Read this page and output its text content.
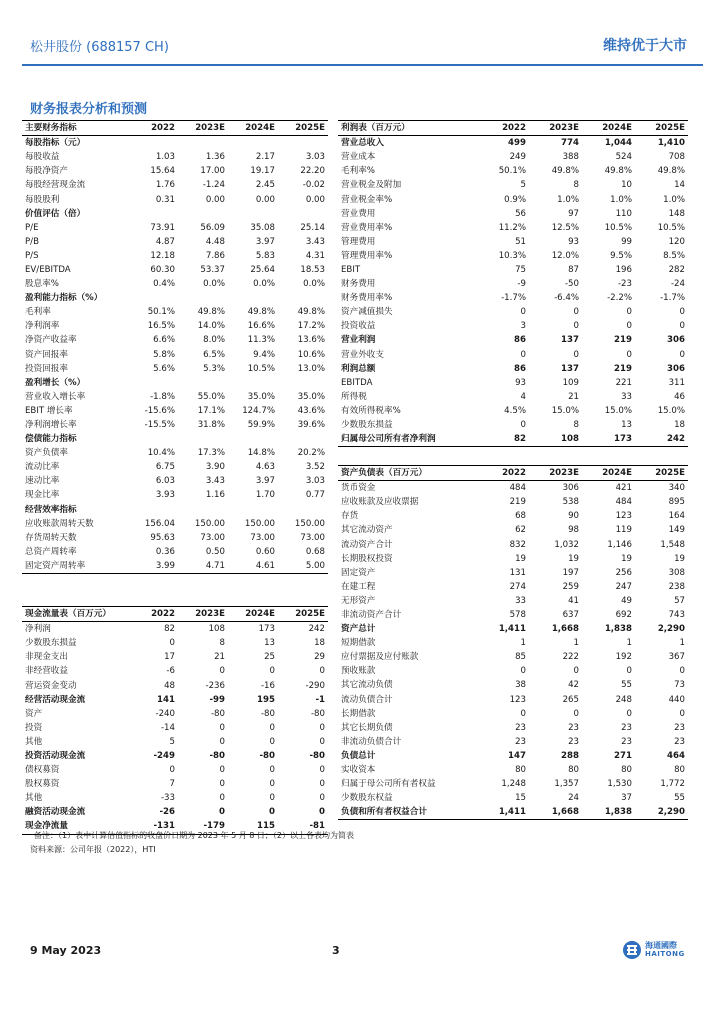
松井股份 (688157 CH)	维持优于大市
财务报表分析和预测
主要财务指标	2022	2023E	2024E	2025E
每股指标（元）				
每股收益	1.03	1.36	2.17	3.03
每股净资产	15.64	17.00	19.17	22.20
每股经营现金流	1.76	-1.24	2.45	-0.02
每股股利	0.31	0.00	0.00	0.00
价值评估（倍）				
P/E	73.91	56.09	35.08	25.14
P/B	4.87	4.48	3.97	3.43
P/S	12.18	7.86	5.83	4.31
EV/EBITDA	60.30	53.37	25.64	18.53
股息率%	0.4%	0.0%	0.0%	0.0%
盈利能力指标（%）				
毛利率	50.1%	49.8%	49.8%	49.8%
净利润率	16.5%	14.0%	16.6%	17.2%
净资产收益率	6.6%	8.0%	11.3%	13.6%
资产回报率	5.8%	6.5%	9.4%	10.6%
投资回报率	5.6%	5.3%	10.5%	13.0%
盈利增长（%）				
营业收入增长率	-1.8%	55.0%	35.0%	35.0%
EBIT 增长率	-15.6%	17.1%	124.7%	43.6%
净利润增长率	-15.5%	31.8%	59.9%	39.6%
偿债能力指标				
资产负债率	10.4%	17.3%	14.8%	20.2%
流动比率	6.75	3.90	4.63	3.52
速动比率	6.03	3.43	3.97	3.03
现金比率	3.93	1.16	1.70	0.77
经营效率指标				
应收账款周转天数	156.04	150.00	150.00	150.00
存货周转天数	95.63	73.00	73.00	73.00
总资产周转率	0.36	0.50	0.60	0.68
固定资产周转率	3.99	4.71	4.61	5.00
利润表（百万元）	2022	2023E	2024E	2025E
营业总收入	499	774	1,044	1,410
营业成本	249	388	524	708
毛利率%	50.1%	49.8%	49.8%	49.8%
营业税金及附加	5	8	10	14
营业税金率%	0.9%	1.0%	1.0%	1.0%
营业费用	56	97	110	148
营业费用率%	11.2%	12.5%	10.5%	10.5%
管理费用	51	93	99	120
管理费用率%	10.3%	12.0%	9.5%	8.5%
EBIT	75	87	196	282
财务费用	-9	-50	-23	-24
财务费用率%	-1.7%	-6.4%	-2.2%	-1.7%
资产减值损失	0	0	0	0
投资收益	3	0	0	0
营业利润	86	137	219	306
营业外收支	0	0	0	0
利润总额	86	137	219	306
EBITDA	93	109	221	311
所得税	4	21	33	46
有效所得税率%	4.5%	15.0%	15.0%	15.0%
少数股东损益	0	8	13	18
归属母公司所有者净利润	82	108	173	242
资产负债表（百万元）	2022	2023E	2024E	2025E
货币资金	484	306	421	340
应收账款及应收票据	219	538	484	895
存货	68	90	123	164
其它流动资产	62	98	119	149
流动资产合计	832	1,032	1,146	1,548
长期股权投资	19	19	19	19
固定资产	131	197	256	308
在建工程	274	259	247	238
无形资产	33	41	49	57
非流动资产合计	578	637	692	743
资产总计	1,411	1,668	1,838	2,290
短期借款	1	1	1	1
应付票据及应付账款	85	222	192	367
预收账款	0	0	0	0
其它流动负债	38	42	55	73
流动负债合计	123	265	248	440
长期借款	0	0	0	0
其它长期负债	23	23	23	23
非流动负债合计	23	23	23	23
负债总计	147	288	271	464
实收资本	80	80	80	80
归属于母公司所有者权益	1,248	1,357	1,530	1,772
少数股东权益	15	24	37	55
负债和所有者权益合计	1,411	1,668	1,838	2,290
现金流量表（百万元）	2022	2023E	2024E	2025E
净利润	82	108	173	242
少数股东损益	0	8	13	18
非现金支出	17	21	25	29
非经营收益	-6	0	0	0
营运资金变动	48	-236	-16	-290
经营活动现金流	141	-99	195	-1
资产	-240	-80	-80	-80
投资	-14	0	0	0
其他	5	0	0	0
投资活动现金流	-249	-80	-80	-80
债权募资	0	0	0	0
股权募资	7	0	0	0
其他	-33	0	0	0
融资活动现金流	-26	0	0	0
现金净流量	-131	-179	115	-81
备注：（1）表中计算估值指标的收盘价日期为 2023 年 5 月 8 日；（2）以上各表均为简表
资料来源：公司年报（2022），HTI
9 May 2023	3	海通國際
HAITONG
